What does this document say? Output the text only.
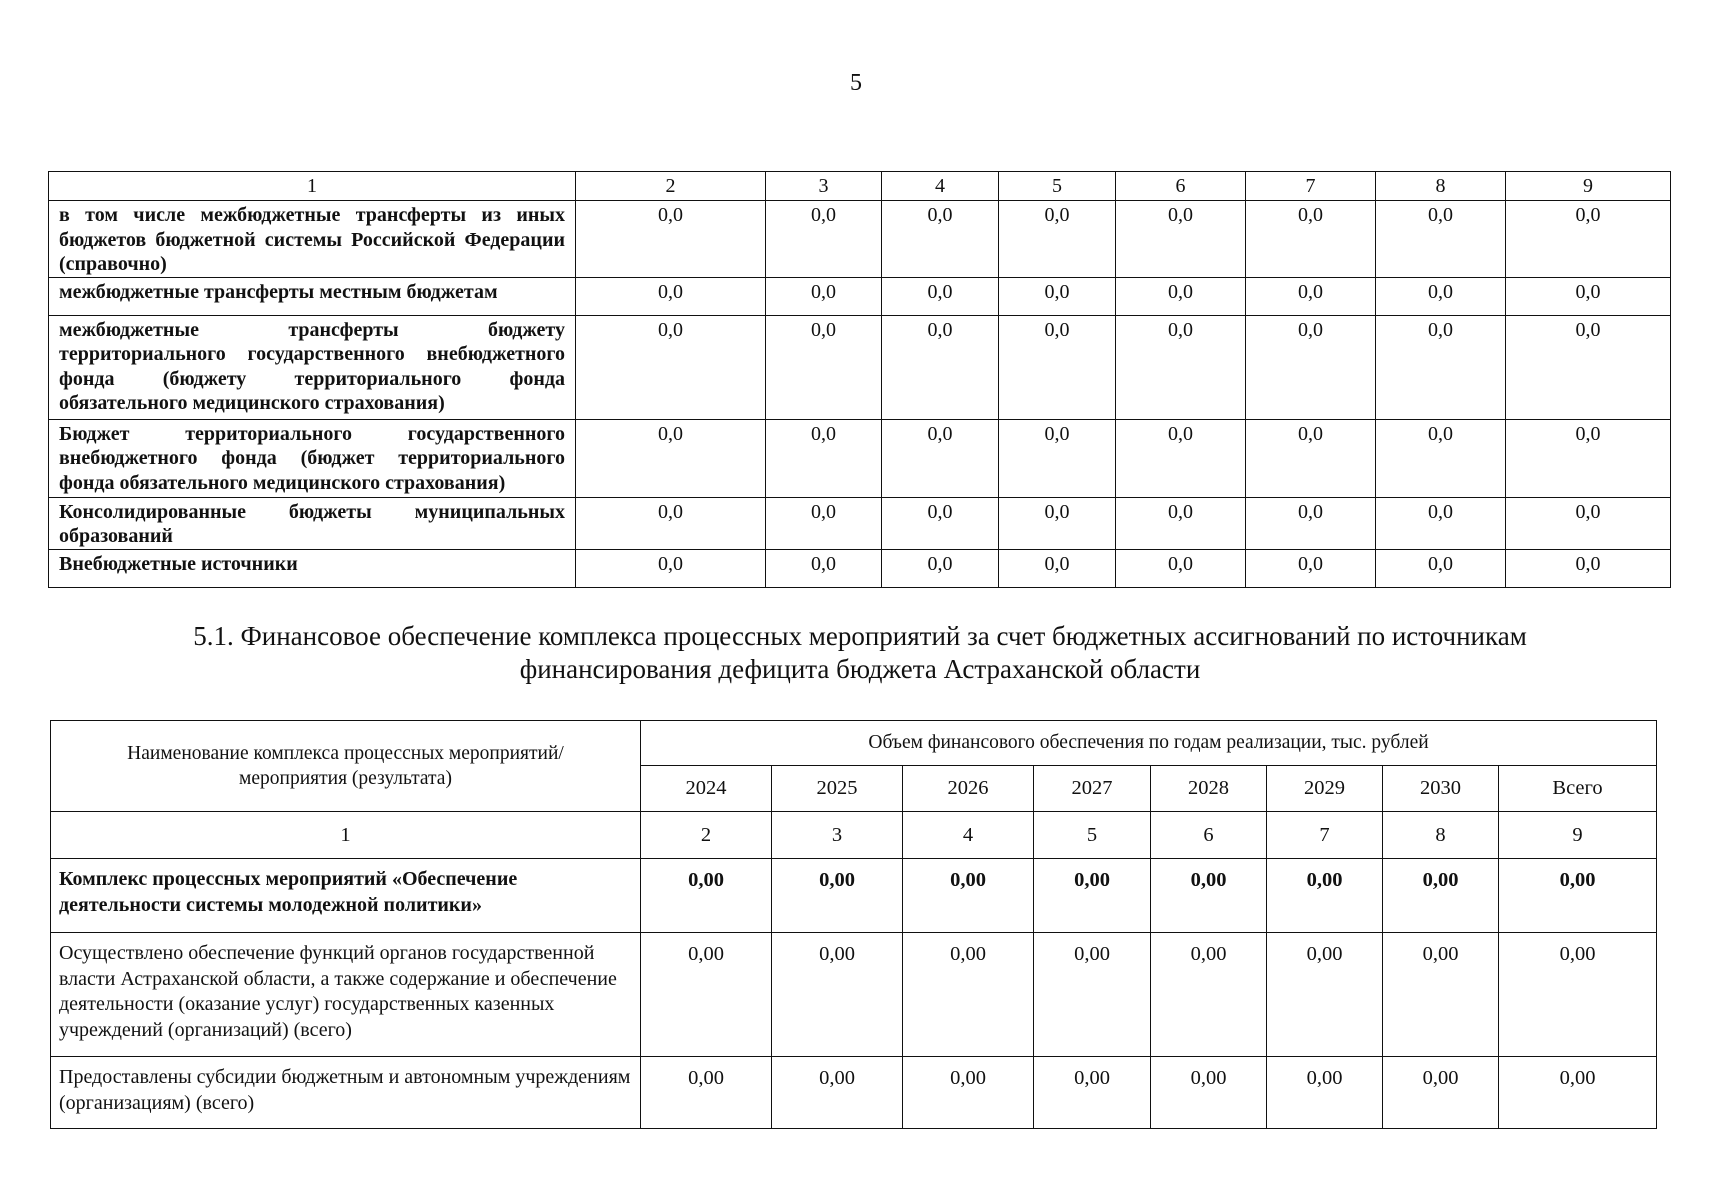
5
1	2	3	4	5	6	7	8	9
в том числе межбюджетные трансферты из иных бюджетов бюджетной системы Российской Федерации (справочно)	0,0	0,0	0,0	0,0	0,0	0,0	0,0	0,0
межбюджетные трансферты местным бюджетам	0,0	0,0	0,0	0,0	0,0	0,0	0,0	0,0
межбюджетные трансферты бюджету территориального государственного внебюджетного фонда (бюджету территориального фонда обязательного медицинского страхования)	0,0	0,0	0,0	0,0	0,0	0,0	0,0	0,0
Бюджет территориального государственного внебюджетного фонда (бюджет территориального фонда обязательного медицинского страхования)	0,0	0,0	0,0	0,0	0,0	0,0	0,0	0,0
Консолидированные бюджеты муниципальных образований	0,0	0,0	0,0	0,0	0,0	0,0	0,0	0,0
Внебюджетные источники	0,0	0,0	0,0	0,0	0,0	0,0	0,0	0,0
5.1. Финансовое обеспечение комплекса процессных мероприятий за счет бюджетных ассигнований по источникам
финансирования дефицита бюджета Астраханской области
Наименование комплекса процессных мероприятий/мероприятия (результата)	Объем финансового обеспечения по годам реализации, тыс. рублей							
	2024	2025	2026	2027	2028	2029	2030	Всего
1	2	3	4	5	6	7	8	9
Комплекс процессных мероприятий «Обеспечение деятельности системы молодежной политики»	0,00	0,00	0,00	0,00	0,00	0,00	0,00	0,00
Осуществлено обеспечение функций органов государственной власти Астраханской области, а также содержание и обеспечение деятельности (оказание услуг) государственных казенных учреждений (организаций) (всего)	0,00	0,00	0,00	0,00	0,00	0,00	0,00	0,00
Предоставлены субсидии бюджетным и автономным учреждениям (организациям) (всего)	0,00	0,00	0,00	0,00	0,00	0,00	0,00	0,00
